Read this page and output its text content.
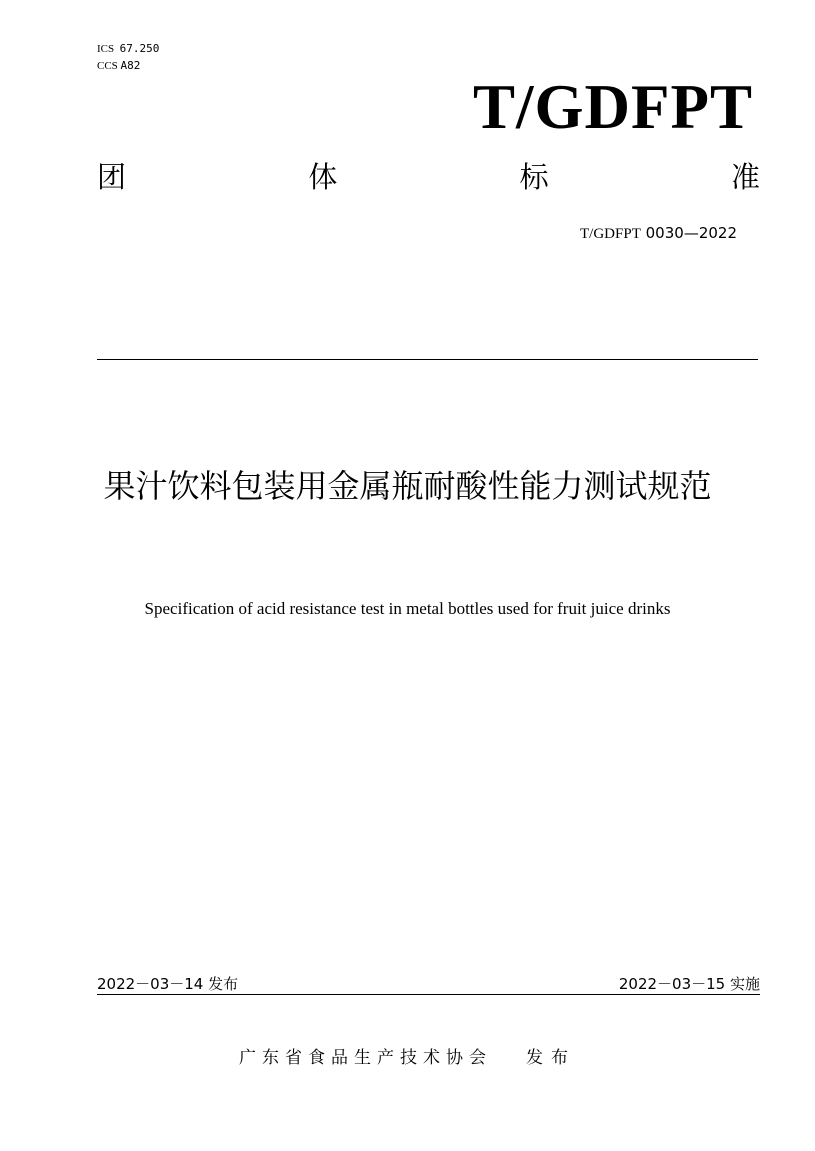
ICS 67.250
CCS A82
T/GDFPT
团	体	标	准
T/GDFPT 0030—2022
果汁饮料包装用金属瓶耐酸性能力测试规范
Specification of acid resistance test in metal bottles used for fruit juice drinks
2022－03－14 发布	2022－03－15 实施
广东省食品生产技术协会 发布
